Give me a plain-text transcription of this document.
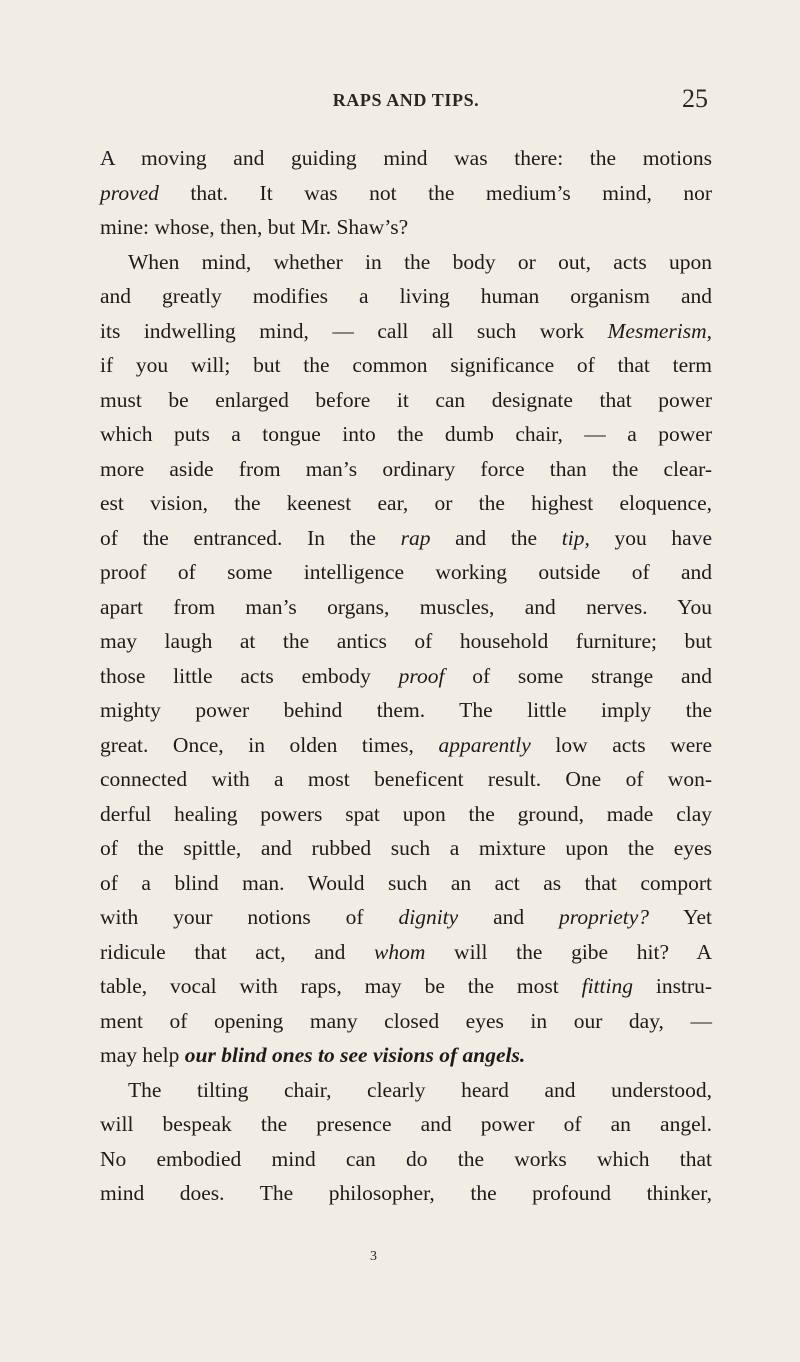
RAPS AND TIPS.	25
A moving and guiding mind was there: the motions
proved that. It was not the medium’s mind, nor
mine: whose, then, but Mr. Shaw’s?
When mind, whether in the body or out, acts upon
and greatly modifies a living human organism and
its indwelling mind, — call all such work Mesmerism,
if you will; but the common significance of that term
must be enlarged before it can designate that power
which puts a tongue into the dumb chair, — a power
more aside from man’s ordinary force than the clear-
est vision, the keenest ear, or the highest eloquence,
of the entranced. In the rap and the tip, you have
proof of some intelligence working outside of and
apart from man’s organs, muscles, and nerves. You
may laugh at the antics of household furniture; but
those little acts embody proof of some strange and
mighty power behind them. The little imply the
great. Once, in olden times, apparently low acts were
connected with a most beneficent result. One of won-
derful healing powers spat upon the ground, made clay
of the spittle, and rubbed such a mixture upon the eyes
of a blind man. Would such an act as that comport
with your notions of dignity and propriety? Yet
ridicule that act, and whom will the gibe hit? A
table, vocal with raps, may be the most fitting instru-
ment of opening many closed eyes in our day, —
may help our blind ones to see visions of angels.
The tilting chair, clearly heard and understood,
will bespeak the presence and power of an angel.
No embodied mind can do the works which that
mind does. The philosopher, the profound thinker,
3
